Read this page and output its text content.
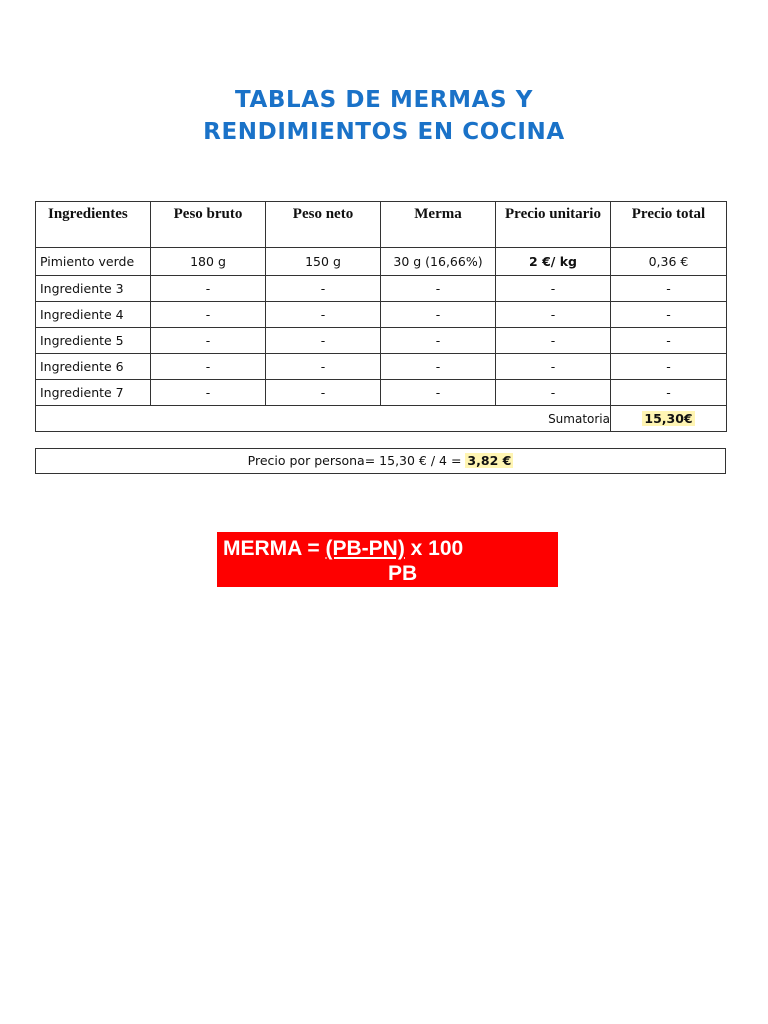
TABLAS DE MERMAS Y
RENDIMIENTOS EN COCINA
Ingredientes	Peso bruto	Peso neto	Merma	Precio unitario	Precio total
Pimiento verde	180 g	150 g	30 g (16,66%)	2 €/ kg	0,36 €
Ingrediente 3	-	-	-	-	-
Ingrediente 4	-	-	-	-	-
Ingrediente 5	-	-	-	-	-
Ingrediente 6	-	-	-	-	-
Ingrediente 7	-	-	-	-	-
Sumatoria					15,30€
Precio por persona= 15,30 € / 4 = 3,82 €
MERMA = (PB-PN) x 100
PB
